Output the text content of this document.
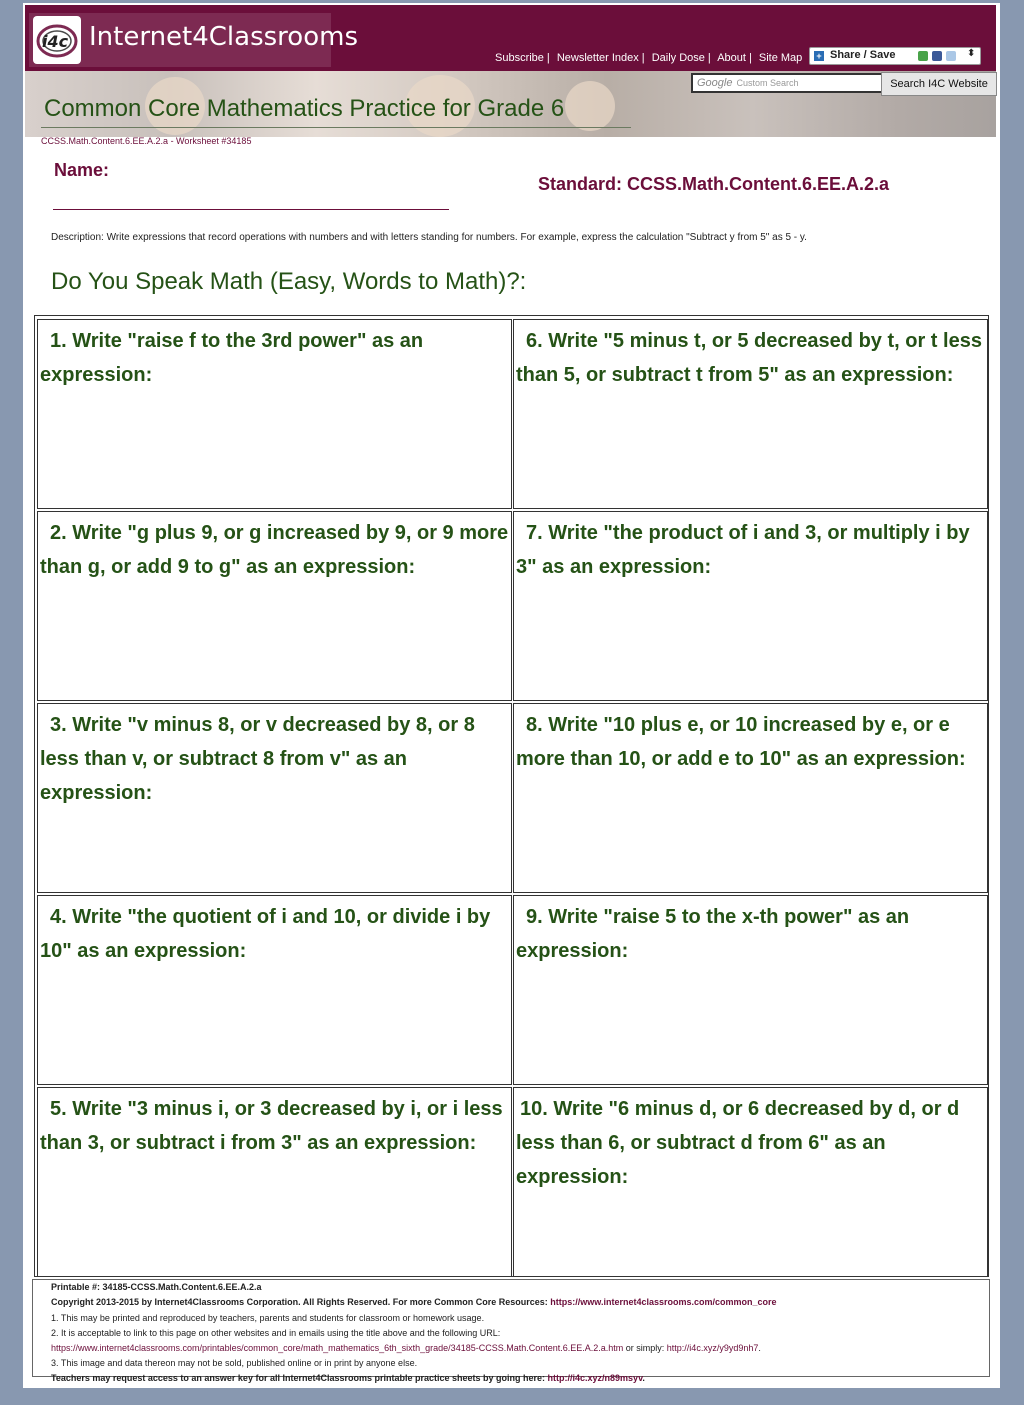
i4c Internet4Classrooms
Subscribe | Newsletter Index | Daily Dose | About | Site Map + Share / Save	⬍
Google Custom Search	Search I4C Website
Common Core Mathematics Practice for Grade 6
CCSS.Math.Content.6.EE.A.2.a - Worksheet #34185
Name:
Standard: CCSS.Math.Content.6.EE.A.2.a
Description: Write expressions that record operations with numbers and with letters standing for numbers. For example, express the calculation "Subtract y from 5" as 5 - y.
Do You Speak Math (Easy, Words to Math)?:
1. Write "raise f to the 3rd power" as an expression:
2. Write "g plus 9, or g increased by 9, or 9 more than g, or add 9 to g" as an expression:
3. Write "v minus 8, or v decreased by 8, or 8 less than v, or subtract 8 from v" as an expression:
4. Write "the quotient of i and 10, or divide i by 10" as an expression:
5. Write "3 minus i, or 3 decreased by i, or i less than 3, or subtract i from 3" as an expression:
6. Write "5 minus t, or 5 decreased by t, or t less than 5, or subtract t from 5" as an expression:
7. Write "the product of i and 3, or multiply i by 3" as an expression:
8. Write "10 plus e, or 10 increased by e, or e more than 10, or add e to 10" as an expression:
9. Write "raise 5 to the x-th power" as an expression:
10. Write "6 minus d, or 6 decreased by d, or d less than 6, or subtract d from 6" as an expression:
Printable #: 34185-CCSS.Math.Content.6.EE.A.2.a
Copyright 2013-2015 by Internet4Classrooms Corporation. All Rights Reserved. For more Common Core Resources: https://www.internet4classrooms.com/common_core
1. This may be printed and reproduced by teachers, parents and students for classroom or homework usage.
2. It is acceptable to link to this page on other websites and in emails using the title above and the following URL:
https://www.internet4classrooms.com/printables/common_core/math_mathematics_6th_sixth_grade/34185-CCSS.Math.Content.6.EE.A.2.a.htm or simply: http://i4c.xyz/y9yd9nh7.
3. This image and data thereon may not be sold, published online or in print by anyone else.
Teachers may request access to an answer key for all Internet4Classrooms printable practice sheets by going here: http://i4c.xyz/n89msyv.
